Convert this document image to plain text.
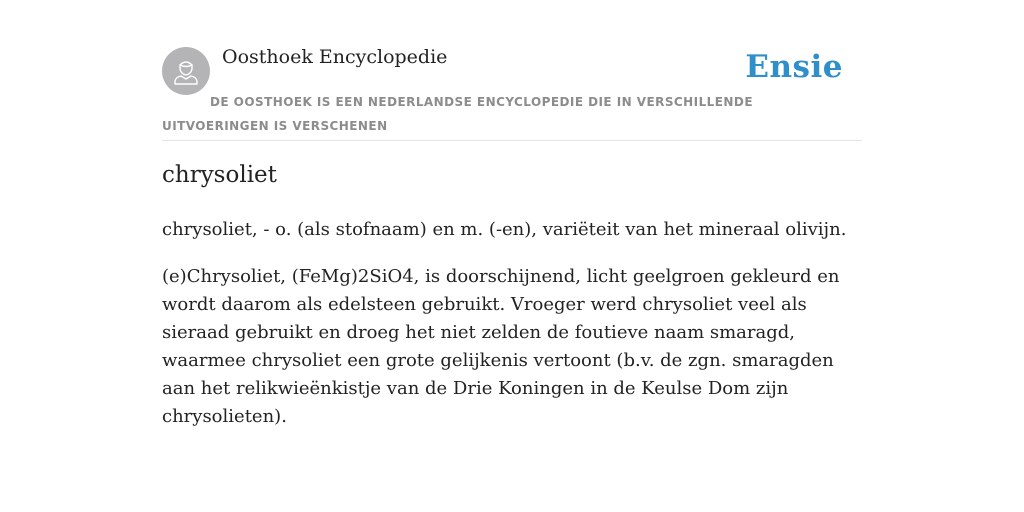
Oosthoek Encyclopedie	Ensie
DE OOSTHOEK IS EEN NEDERLANDSE ENCYCLOPEDIE DIE IN VERSCHILLENDE UITVOERINGEN IS VERSCHENEN
chrysoliet

chrysoliet, - o. (als stofnaam) en m. (-en), variëteit van het mineraal olivijn.

(e)Chrysoliet, (FeMg)2SiO4, is doorschijnend, licht geelgroen gekleurd en wordt daarom als edelsteen gebruikt. Vroeger werd chrysoliet veel als sieraad gebruikt en droeg het niet zelden de foutieve naam smaragd, waarmee chrysoliet een grote gelijkenis vertoont (b.v. de zgn. smaragden aan het relikwieënkistje van de Drie Koningen in de Keulse Dom zijn chrysolieten).
